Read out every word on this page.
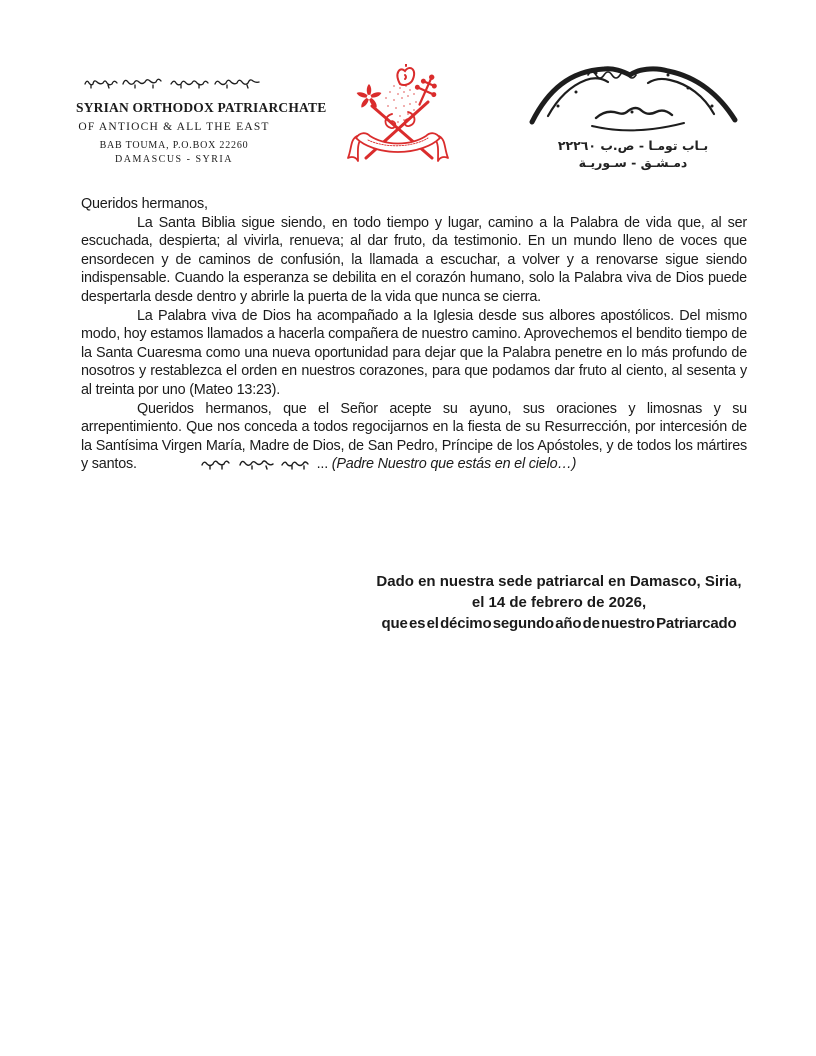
SYRIAN ORTHODOX PATRIARCHATE
OF ANTIOCH & ALL THE EAST
BAB TOUMA, P.O.BOX 22260
DAMASCUS - SYRIA
بـاب تومـا - ص.ب ٢٢٢٦٠
دمـشـق - سـوريـة

Queridos hermanos,

La Santa Biblia sigue siendo, en todo tiempo y lugar, camino a la Palabra de vida que, al ser escuchada, despierta; al vivirla, renueva; al dar fruto, da testimonio. En un mundo lleno de voces que ensordecen y de caminos de confusión, la llamada a escuchar, a volver y a renovarse sigue siendo indispensable. Cuando la esperanza se debilita en el corazón humano, solo la Palabra viva de Dios puede despertarla desde dentro y abrirle la puerta de la vida que nunca se cierra.

La Palabra viva de Dios ha acompañado a la Iglesia desde sus albores apostólicos. Del mismo modo, hoy estamos llamados a hacerla compañera de nuestro camino. Aprovechemos el bendito tiempo de la Santa Cuaresma como una nueva oportunidad para dejar que la Palabra penetre en lo más profundo de nosotros y restablezca el orden en nuestros corazones, para que podamos dar fruto al ciento, al sesenta y al treinta por uno (Mateo 13:23).

Queridos hermanos, que el Señor acepte su ayuno, sus oraciones y limosnas y su arrepentimiento. Que nos conceda a todos regocijarnos en la fiesta de su Resurrección, por intercesión de la Santísima Virgen María, Madre de Dios, de San Pedro, Príncipe de los Apóstoles, y de todos los mártires y santos.	... (Padre Nuestro que estás en el cielo…)

Dado en nuestra sede patriarcal en Damasco, Siria,
el 14 de febrero de 2026,
que es el décimo segundo año de nuestro Patriarcado
